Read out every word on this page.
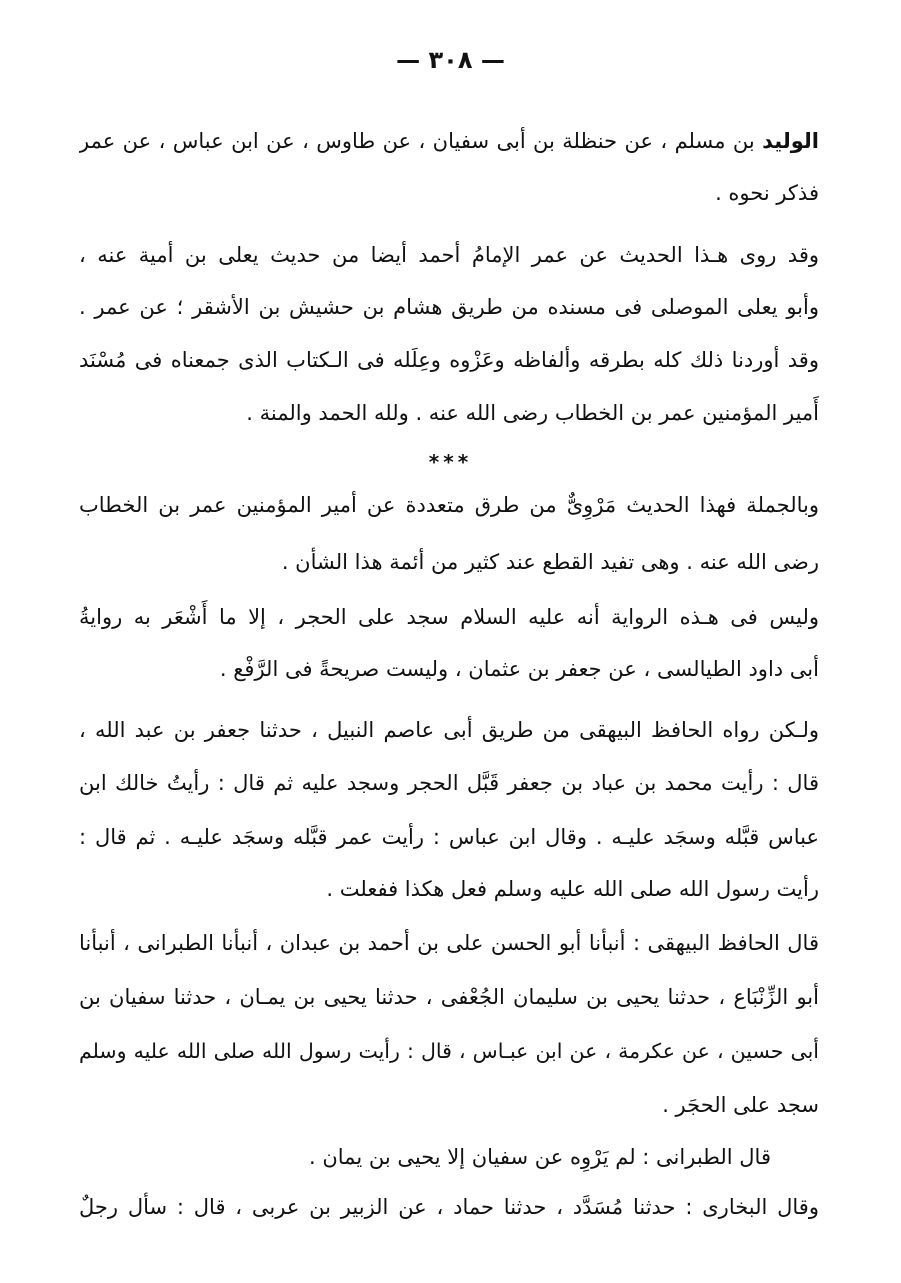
— ٣٠٨ —
الوليد بن مسلم ، عن حنظلة بن أبى سفيان ، عن طاوس ، عن ابن عباس ، عن عمر
فذكر نحوه .
وقد روى هـذا الحديث عن عمر الإمامُ أحمد أيضا من حديث يعلى بن أمية عنه ،
وأبو يعلى الموصلى فى مسنده من طريق هشام بن حشيش بن الأشقر ؛ عن عمر .
وقد أوردنا ذلك كله بطرقه وألفاظه وعَزْوه وعِلَله فى الـكتاب الذى جمعناه فى مُسْنَد
أَمير المؤمنين عمر بن الخطاب رضى الله عنه . ولله الحمد والمنة .
***
وبالجملة فهذا الحديث مَرْوِىٌّ من طرق متعددة عن أمير المؤمنين عمر بن الخطاب
رضى الله عنه . وهى تفيد القطع عند كثير من أئمة هذا الشأن .
وليس فى هـذه الرواية أنه عليه السلام سجد على الحجر ، إلا ما أَشْعَر به روايةُ
أبى داود الطيالسى ، عن جعفر بن عثمان ، وليست صريحةً فى الرَّفْع .
ولـكن رواه الحافظ البيهقى من طريق أبى عاصم النبيل ، حدثنا جعفر بن عبد الله ،
قال : رأيت محمد بن عباد بن جعفر قَبَّل الحجر وسجد عليه ثم قال : رأيتُ خالك ابن
عباس قبَّله وسجَد عليـه . وقال ابن عباس : رأيت عمر قبَّله وسجَد عليـه . ثم قال :
رأيت رسول الله صلى الله عليه وسلم فعل هكذا ففعلت .
قال الحافظ البيهقى : أنبأنا أبو الحسن على بن أحمد بن عبدان ، أنبأنا الطبرانى ، أنبأنا
أبو الزِّنْبَاع ، حدثنا يحيى بن سليمان الجُعْفى ، حدثنا يحيى بن يمـان ، حدثنا سفيان بن
أبى حسين ، عن عكرمة ، عن ابن عبـاس ، قال : رأيت رسول الله صلى الله عليه وسلم
سجد على الحجَر .
قال الطبرانى : لم يَرْوِه عن سفيان إلا يحيى بن يمان .
وقال البخارى : حدثنا مُسَدَّد ، حدثنا حماد ، عن الزبير بن عربى ، قال : سأل رجلٌ
